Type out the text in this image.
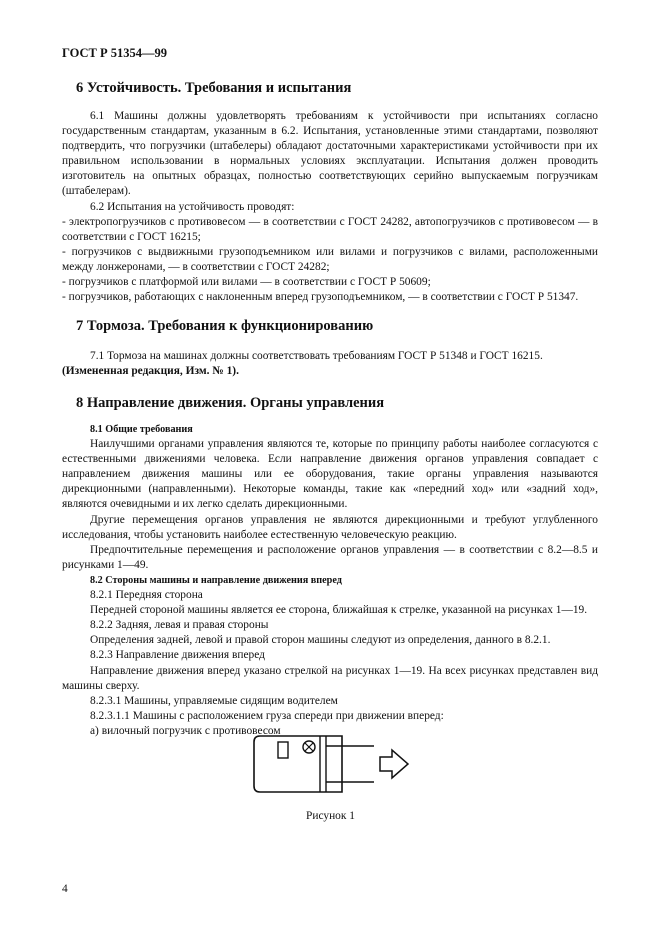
ГОСТ Р 51354—99
6 Устойчивость. Требования и испытания

6.1 Машины должны удовлетворять требованиям к устойчивости при испытаниях согласно государственным стандартам, указанным в 6.2. Испытания, установленные этими стандартами, позволяют подтвердить, что погрузчики (штабелеры) обладают достаточными характеристиками устойчивости при их правильном использовании в нормальных условиях эксплуатации. Испытания должен проводить изготовитель на опытных образцах, полностью соответствующих серийно выпускаемым погрузчикам (штабелерам).

6.2 Испытания на устойчивость проводят:

- электропогрузчиков с противовесом — в соответствии с ГОСТ 24282, автопогрузчиков с противовесом — в соответствии с ГОСТ 16215;

- погрузчиков с выдвижными грузоподъемником или вилами и погрузчиков с вилами, расположенными между лонжеронами, — в соответствии с ГОСТ 24282;

- погрузчиков с платформой или вилами — в соответствии с ГОСТ Р 50609;

- погрузчиков, работающих с наклоненным вперед грузоподъемником, — в соответствии с ГОСТ Р 51347.

7 Тормоза. Требования к функционированию

7.1 Тормоза на машинах должны соответствовать требованиям ГОСТ Р 51348 и ГОСТ 16215.

(Измененная редакция, Изм. № 1).

8 Направление движения. Органы управления

8.1 Общие требования

Наилучшими органами управления являются те, которые по принципу работы наиболее согласуются с естественными движениями человека. Если направление движения органов управления совпадает с направлением движения машины или ее оборудования, такие органы управления называются дирекционными (направленными). Некоторые команды, такие как «передний ход» или «задний ход», являются очевидными и их легко сделать дирекционными.

Другие перемещения органов управления не являются дирекционными и требуют углубленного исследования, чтобы установить наиболее естественную человеческую реакцию.

Предпочтительные перемещения и расположение органов управления — в соответствии с 8.2—8.5 и рисунками 1—49.

8.2 Стороны машины и направление движения вперед

8.2.1 Передняя сторона

Передней стороной машины является ее сторона, ближайшая к стрелке, указанной на рисунках 1—19.

8.2.2 Задняя, левая и правая стороны

Определения задней, левой и правой сторон машины следуют из определения, данного в 8.2.1.

8.2.3 Направление движения вперед

Направление движения вперед указано стрелкой на рисунках 1—19. На всех рисунках представлен вид машины сверху.

8.2.3.1 Машины, управляемые сидящим водителем

8.2.3.1.1 Машины с расположением груза спереди при движении вперед:

а) вилочный погрузчик с противовесом

Рисунок 1
4
